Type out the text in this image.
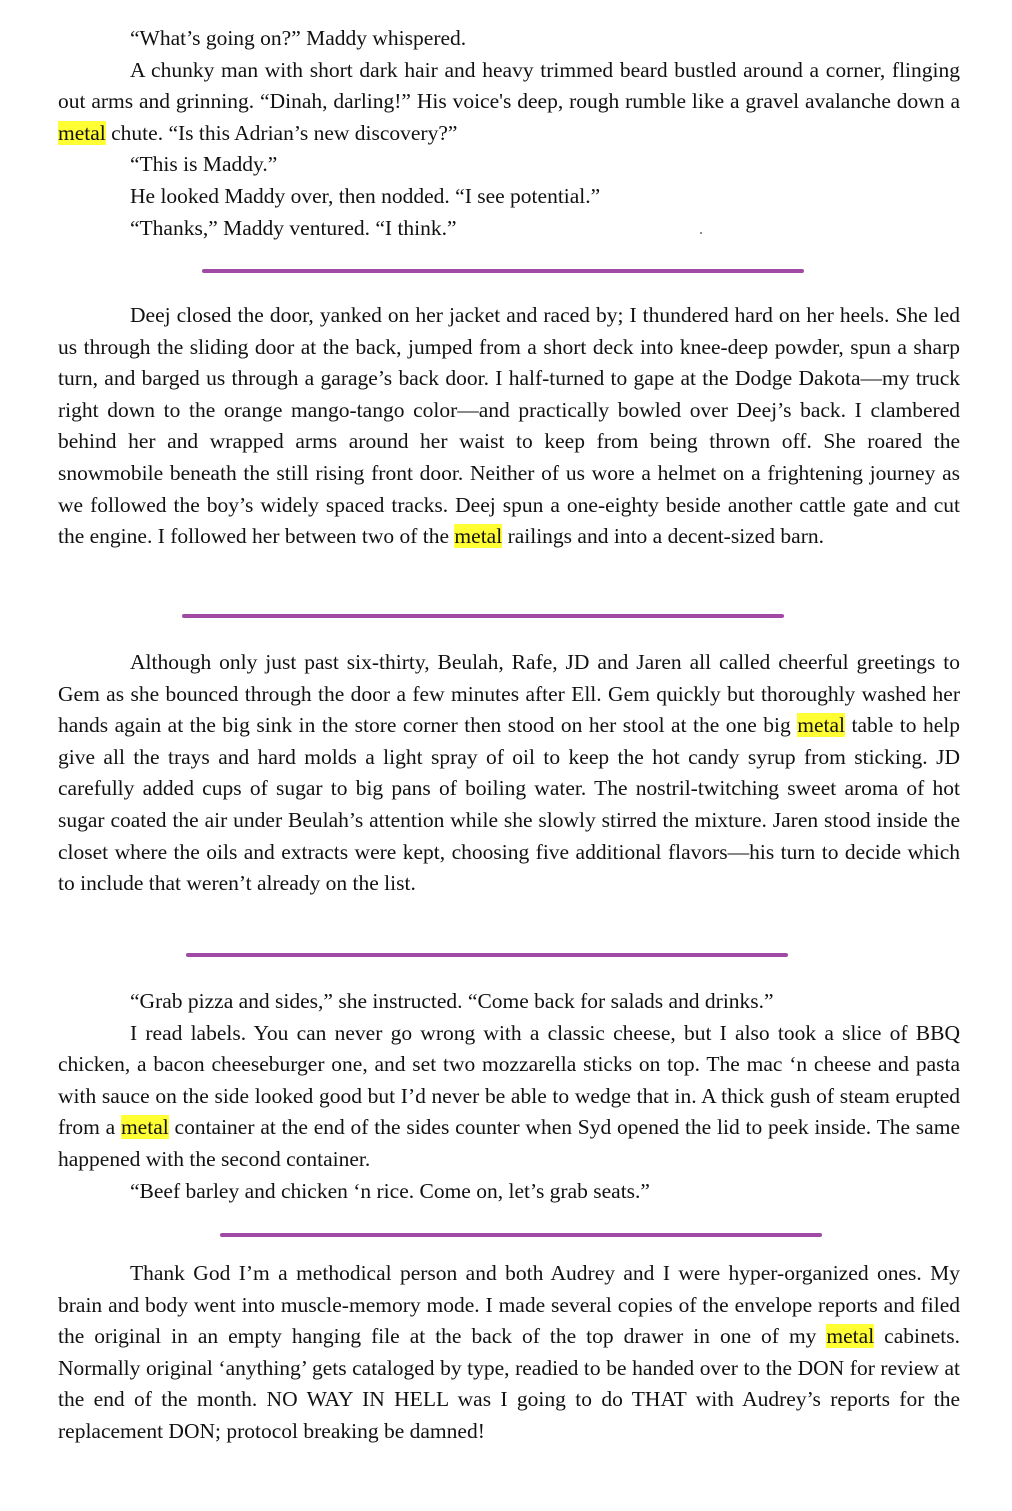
“What’s going on?” Maddy whispered.

A chunky man with short dark hair and heavy trimmed beard bustled around a corner, flinging out arms and grinning. “Dinah, darling!” His voice's deep, rough rumble like a gravel avalanche down a metal chute. “Is this Adrian’s new discovery?”

“This is Maddy.”

He looked Maddy over, then nodded. “I see potential.”

“Thanks,” Maddy ventured. “I think.”

Deej closed the door, yanked on her jacket and raced by; I thundered hard on her heels. She led us through the sliding door at the back, jumped from a short deck into knee-deep powder, spun a sharp turn, and barged us through a garage’s back door. I half-turned to gape at the Dodge Dakota—my truck right down to the orange mango-tango color—and practically bowled over Deej’s back. I clambered behind her and wrapped arms around her waist to keep from being thrown off. She roared the snowmobile beneath the still rising front door. Neither of us wore a helmet on a frightening journey as we followed the boy’s widely spaced tracks. Deej spun a one-eighty beside another cattle gate and cut the engine. I followed her between two of the metal railings and into a decent-sized barn.

Although only just past six-thirty, Beulah, Rafe, JD and Jaren all called cheerful greetings to Gem as she bounced through the door a few minutes after Ell. Gem quickly but thoroughly washed her hands again at the big sink in the store corner then stood on her stool at the one big metal table to help give all the trays and hard molds a light spray of oil to keep the hot candy syrup from sticking. JD carefully added cups of sugar to big pans of boiling water. The nostril-twitching sweet aroma of hot sugar coated the air under Beulah’s attention while she slowly stirred the mixture. Jaren stood inside the closet where the oils and extracts were kept, choosing five additional flavors—his turn to decide which to include that weren’t already on the list.

“Grab pizza and sides,” she instructed. “Come back for salads and drinks.”

I read labels. You can never go wrong with a classic cheese, but I also took a slice of BBQ chicken, a bacon cheeseburger one, and set two mozzarella sticks on top. The mac ‘n cheese and pasta with sauce on the side looked good but I’d never be able to wedge that in. A thick gush of steam erupted from a metal container at the end of the sides counter when Syd opened the lid to peek inside. The same happened with the second container.

“Beef barley and chicken ‘n rice. Come on, let’s grab seats.”

Thank God I’m a methodical person and both Audrey and I were hyper-organized ones. My brain and body went into muscle-memory mode. I made several copies of the envelope reports and filed the original in an empty hanging file at the back of the top drawer in one of my metal cabinets. Normally original ‘anything’ gets cataloged by type, readied to be handed over to the DON for review at the end of the month. NO WAY IN HELL was I going to do THAT with Audrey’s reports for the replacement DON; protocol breaking be damned!
